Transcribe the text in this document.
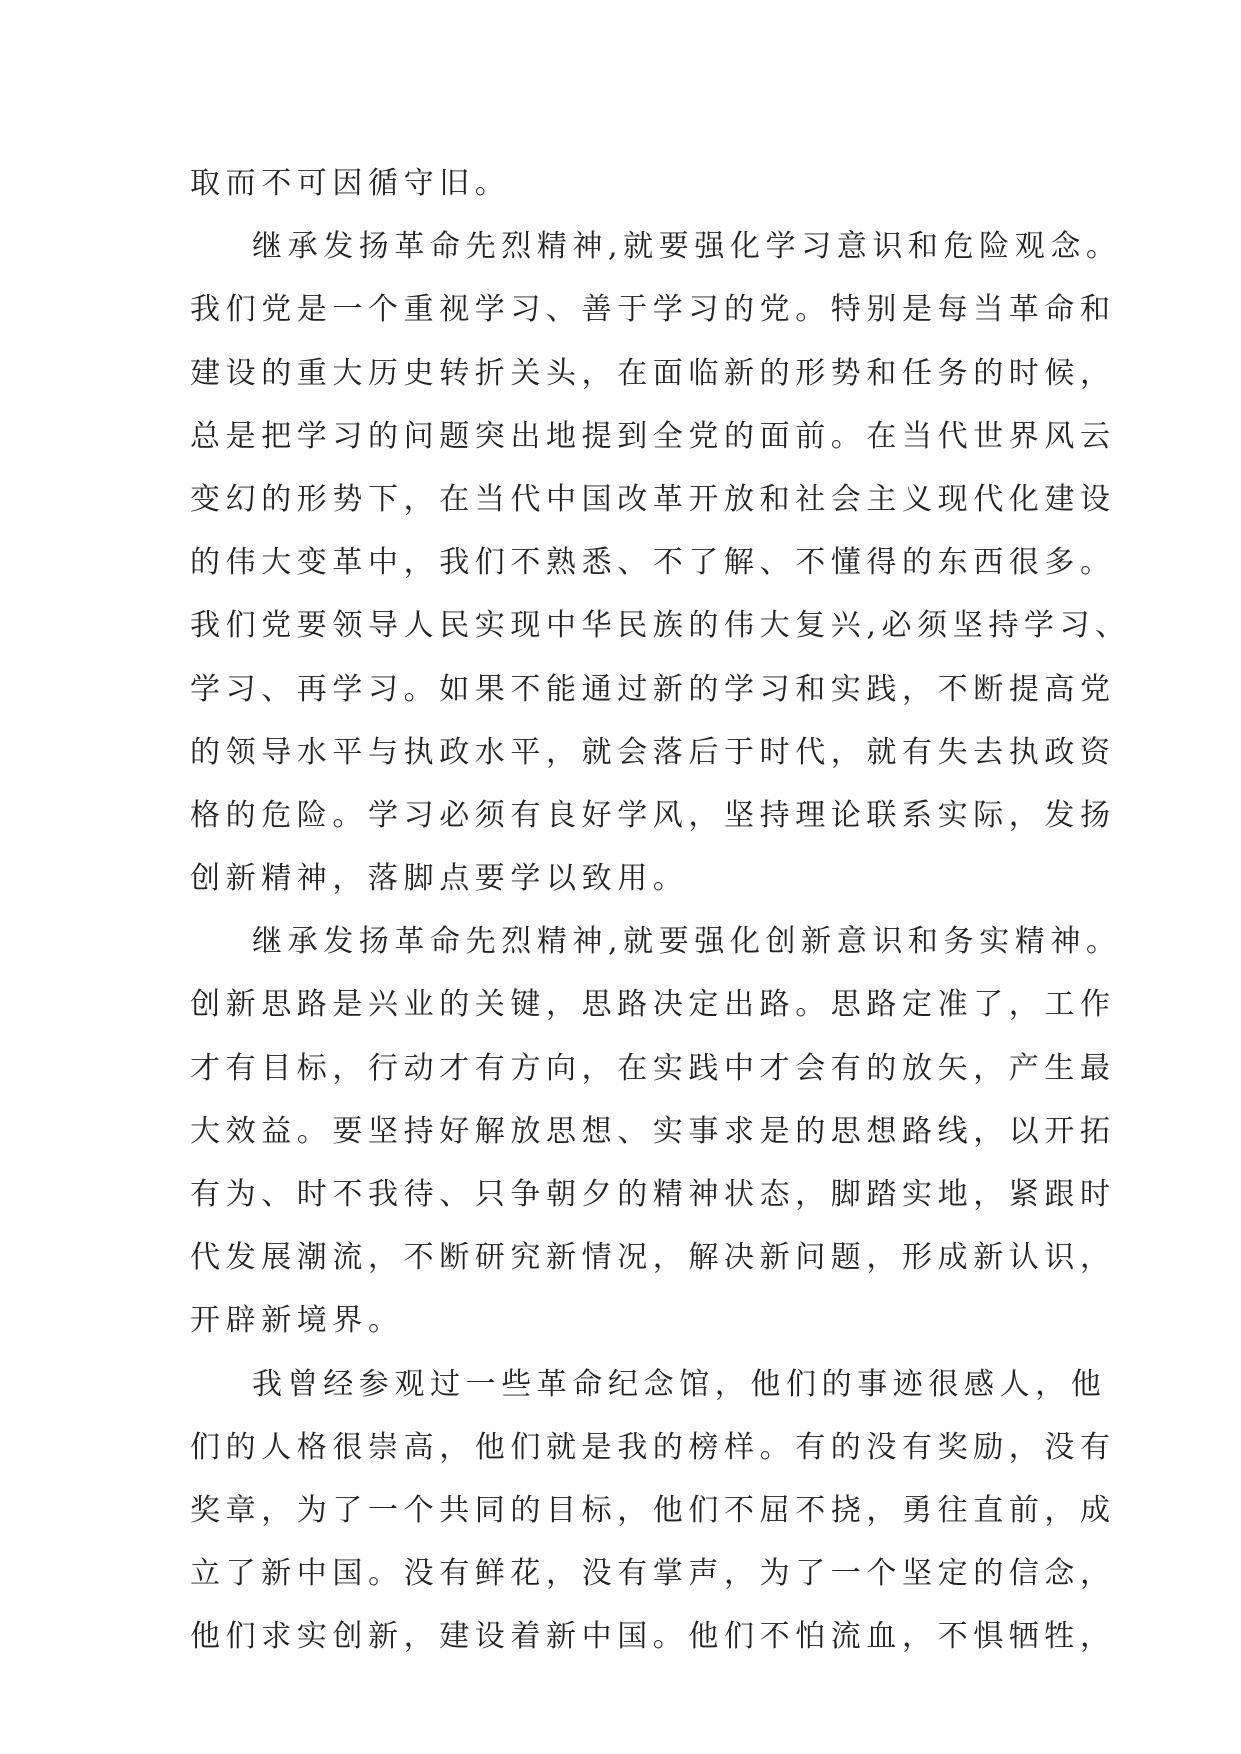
取而不可因循守旧。
继承发扬革命先烈精神,就要强化学习意识和危险观念。
我们党是一个重视学习、善于学习的党。特别是每当革命和
建设的重大历史转折关头，在面临新的形势和任务的时候，
总是把学习的问题突出地提到全党的面前。在当代世界风云
变幻的形势下，在当代中国改革开放和社会主义现代化建设
的伟大变革中，我们不熟悉、不了解、不懂得的东西很多。
我们党要领导人民实现中华民族的伟大复兴,必须坚持学习、
学习、再学习。如果不能通过新的学习和实践，不断提高党
的领导水平与执政水平，就会落后于时代，就有失去执政资
格的危险。学习必须有良好学风，坚持理论联系实际，发扬
创新精神，落脚点要学以致用。
继承发扬革命先烈精神,就要强化创新意识和务实精神。
创新思路是兴业的关键，思路决定出路。思路定准了，工作
才有目标，行动才有方向，在实践中才会有的放矢，产生最
大效益。要坚持好解放思想、实事求是的思想路线，以开拓
有为、时不我待、只争朝夕的精神状态，脚踏实地，紧跟时
代发展潮流，不断研究新情况，解决新问题，形成新认识，
开辟新境界。
我曾经参观过一些革命纪念馆，他们的事迹很感人，他
们的人格很崇高，他们就是我的榜样。有的没有奖励，没有
奖章，为了一个共同的目标，他们不屈不挠，勇往直前，成
立了新中国。没有鲜花，没有掌声，为了一个坚定的信念，
他们求实创新，建设着新中国。他们不怕流血，不惧牺牲，
